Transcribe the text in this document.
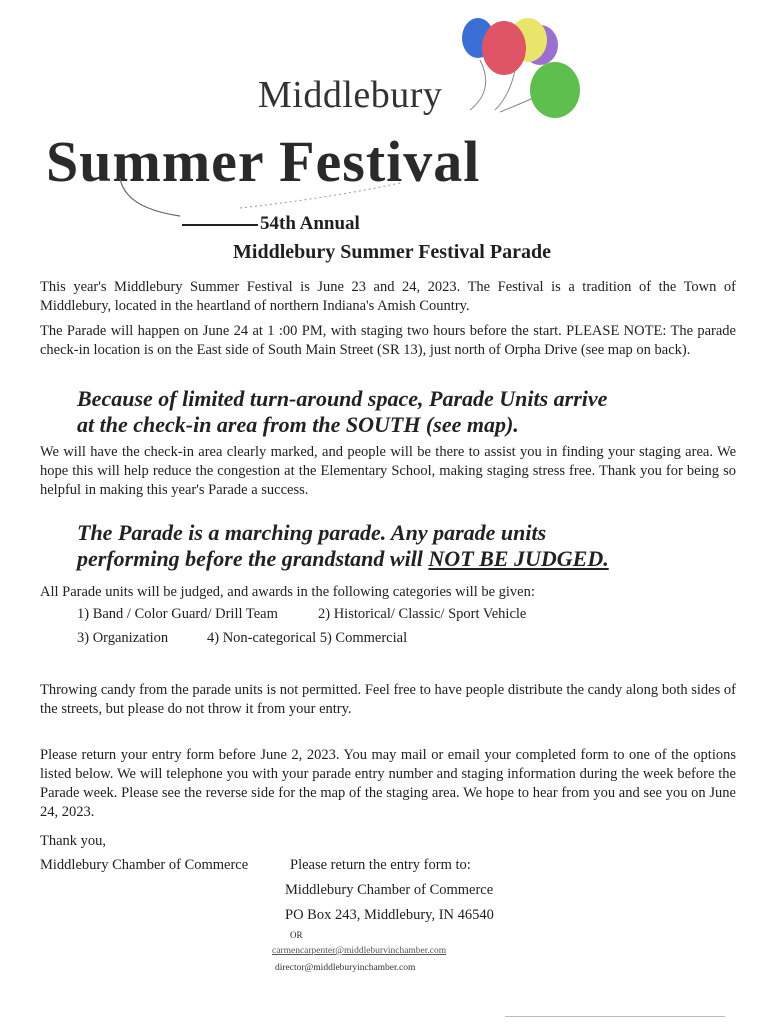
Middlebury
Summer Festival
54th Annual
Middlebury Summer Festival Parade
This year's Middlebury Summer Festival is June 23 and 24, 2023. The Festival is a tradition of the Town of Middlebury, located in the heartland of northern Indiana's Amish Country.
The Parade will happen on June 24 at 1 :00 PM, with staging two hours before the start. PLEASE NOTE: The parade check-in location is on the East side of South Main Street (SR 13), just north of Orpha Drive (see map on back).
Because of limited turn-around space, Parade Units arrive
at the check-in area from the SOUTH (see map).
We will have the check-in area clearly marked, and people will be there to assist you in finding your staging area. We hope this will help reduce the congestion at the Elementary School, making staging stress free. Thank you for being so helpful in making this year's Parade a success.
The Parade is a marching parade. Any parade units
performing before the grandstand will NOT BE JUDGED.
All Parade units will be judged, and awards in the following categories will be given:
1) Band / Color Guard/ Drill Team	2) Historical/ Classic/ Sport Vehicle
3) Organization	4) Non-categorical 5) Commercial
Throwing candy from the parade units is not permitted. Feel free to have people distribute the candy along both sides of the streets, but please do not throw it from your entry.
Please return your entry form before June 2, 2023. You may mail or email your completed form to one of the options listed below. We will telephone you with your parade entry number and staging information during the week before the Parade week. Please see the reverse side for the map of the staging area. We hope to hear from you and see you on June 24, 2023.
Thank you,
Middlebury Chamber of Commerce	Please return the entry form to:
Middlebury Chamber of Commerce
PO Box 243, Middlebury, IN 46540
OR
carmencarpenter@middleburvinchamber.com
director@middleburyinchamber.com
